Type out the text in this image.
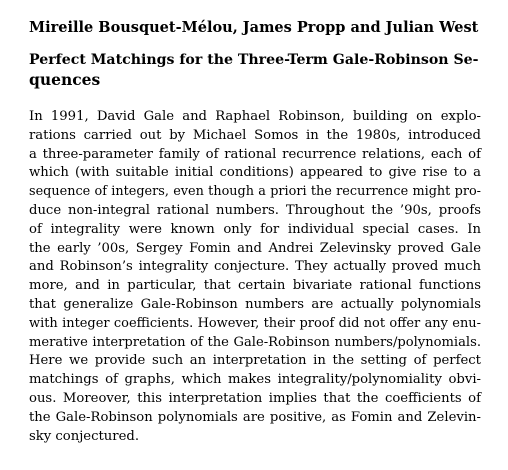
Mireille Bousquet-Mélou, James Propp and Julian West

Perfect Matchings for the Three-Term Gale-Robinson Se-
quences
In 1991, David Gale and Raphael Robinson, building on explo-
rations carried out by Michael Somos in the 1980s, introduced
a three-parameter family of rational recurrence relations, each of
which (with suitable initial conditions) appeared to give rise to a
sequence of integers, even though a priori the recurrence might pro-
duce non-integral rational numbers. Throughout the ’90s, proofs
of integrality were known only for individual special cases. In
the early ’00s, Sergey Fomin and Andrei Zelevinsky proved Gale
and Robinson’s integrality conjecture. They actually proved much
more, and in particular, that certain bivariate rational functions
that generalize Gale-Robinson numbers are actually polynomials
with integer coefficients. However, their proof did not offer any enu-
merative interpretation of the Gale-Robinson numbers/polynomials.
Here we provide such an interpretation in the setting of perfect
matchings of graphs, which makes integrality/polynomiality obvi-
ous. Moreover, this interpretation implies that the coefficients of
the Gale-Robinson polynomials are positive, as Fomin and Zelevin-
sky conjectured.
